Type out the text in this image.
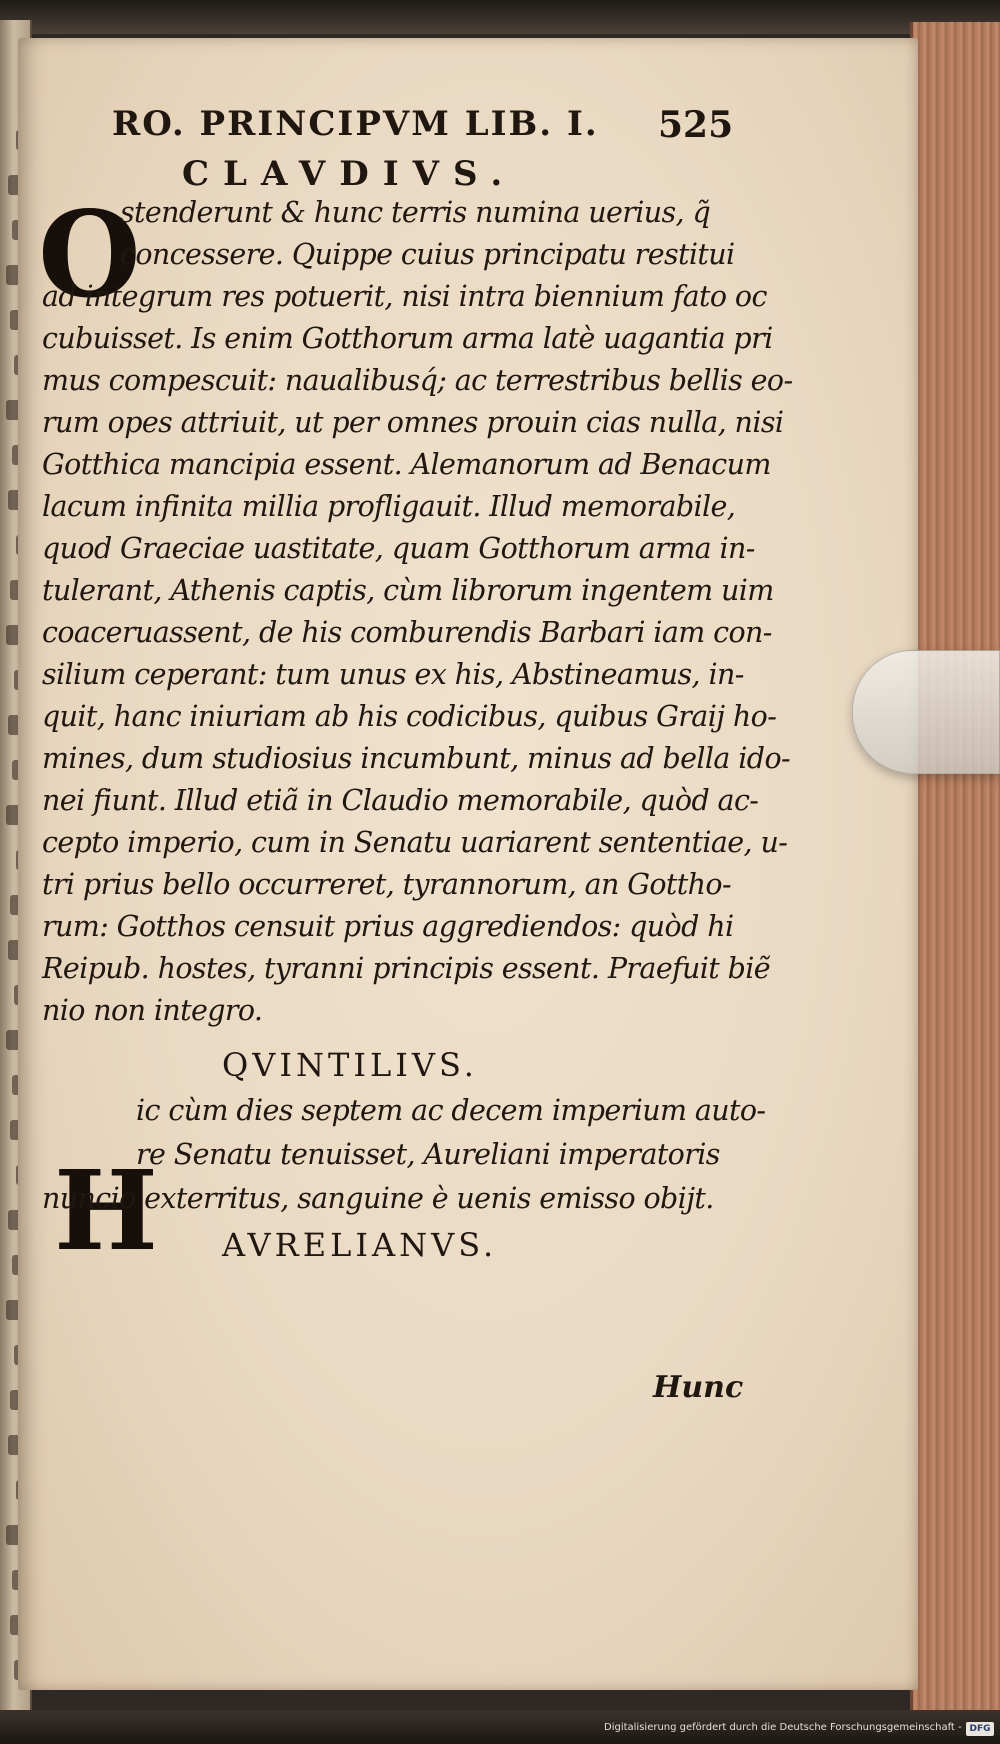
RO. PRINCIPVM LIB. I. 525
CLAVDIVS.
O
stenderunt & hunc terris numina uerius, q̃
concessere. Quippe cuius principatu restitui
ad integrum res potuerit, nisi intra biennium fato oc
cubuisset. Is enim Gotthorum arma latè uagantia pri
mus compescuit: naualibusq́; ac terrestribus bellis eo-
rum opes attriuit, ut per omnes prouin cias nulla, nisi
Gotthica mancipia essent. Alemanorum ad Benacum
lacum infinita millia profligauit. Illud memorabile,
quod Graeciae uastitate, quam Gotthorum arma in-
tulerant, Athenis captis, cùm librorum ingentem uim
coaceruassent, de his comburendis Barbari iam con-
silium ceperant: tum unus ex his, Abstineamus, in-
quit, hanc iniuriam ab his codicibus, quibus Graij ho-
mines, dum studiosius incumbunt, minus ad bella ido-
nei fiunt. Illud etiã in Claudio memorabile, quòd ac-
cepto imperio, cum in Senatu uariarent sententiae, u-
tri prius bello occurreret, tyrannorum, an Gottho-
rum: Gotthos censuit prius aggrediendos: quòd hi
Reipub. hostes, tyranni principis essent. Praefuit biẽ
nio non integro.
QVINTILIVS.
H
ic cùm dies septem ac decem imperium auto-
re Senatu tenuisset, Aureliani imperatoris
nuncio exterritus, sanguine è uenis emisso obijt.
AVRELIANVS.
Hunc
Digitalisierung gefördert durch die Deutsche Forschungsgemeinschaft - DFG
